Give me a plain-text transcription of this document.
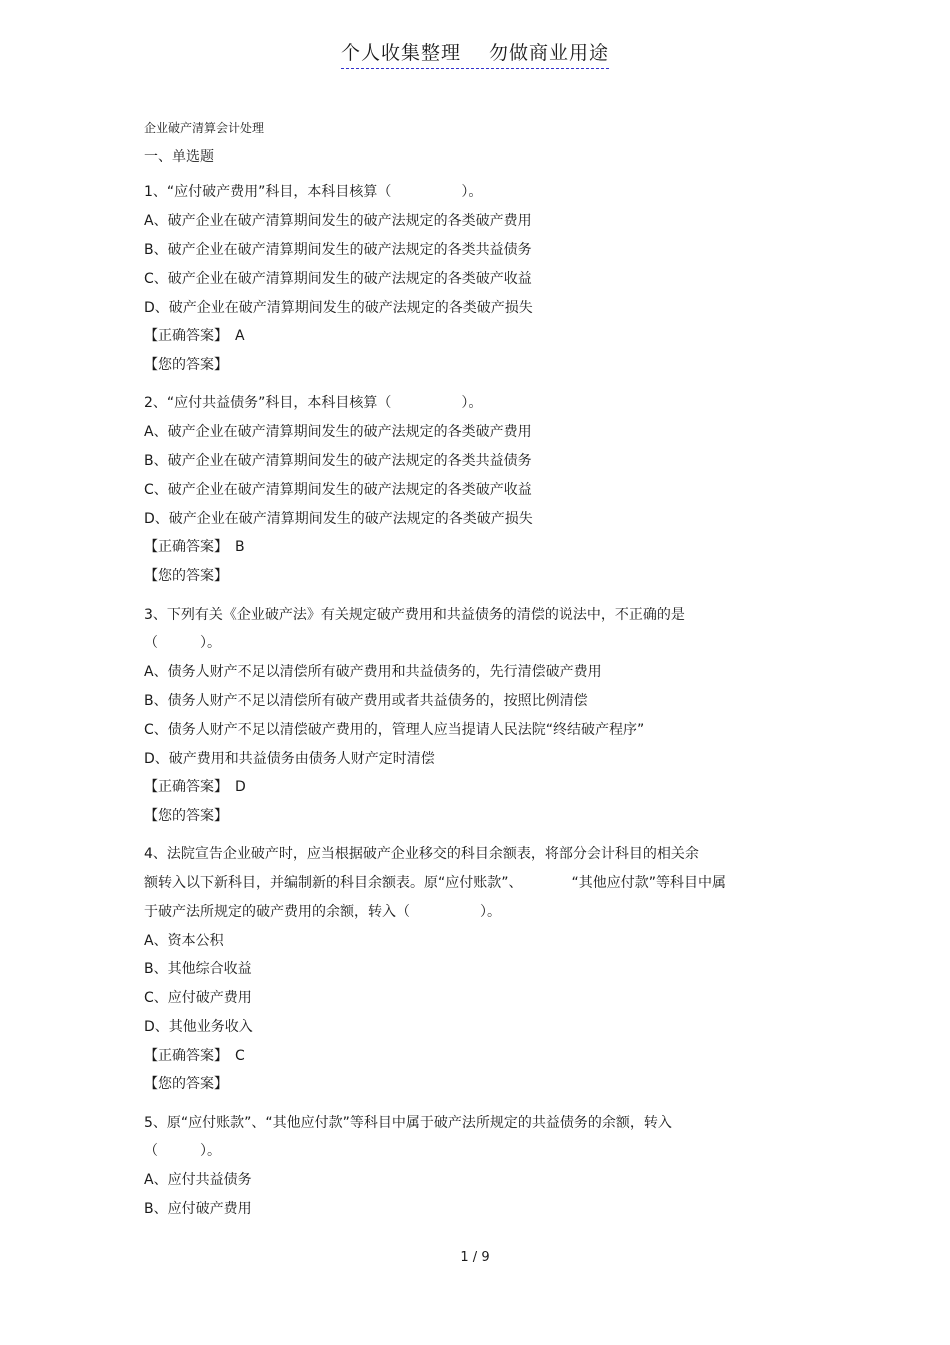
个人收集整理 勿做商业用途
企业破产清算会计处理
一、单选题
1、“应付破产费用”科目，本科目核算（　　　　　）。
A、破产企业在破产清算期间发生的破产法规定的各类破产费用
B、破产企业在破产清算期间发生的破产法规定的各类共益债务
C、破产企业在破产清算期间发生的破产法规定的各类破产收益
D、破产企业在破产清算期间发生的破产法规定的各类破产损失
【正确答案】　A
【您的答案】
2、“应付共益债务”科目，本科目核算（　　　　　）。
A、破产企业在破产清算期间发生的破产法规定的各类破产费用
B、破产企业在破产清算期间发生的破产法规定的各类共益债务
C、破产企业在破产清算期间发生的破产法规定的各类破产收益
D、破产企业在破产清算期间发生的破产法规定的各类破产损失
【正确答案】　B
【您的答案】
3、下列有关《企业破产法》有关规定破产费用和共益债务的清偿的说法中，不正确的是
（　　　）。
A、债务人财产不足以清偿所有破产费用和共益债务的，先行清偿破产费用
B、债务人财产不足以清偿所有破产费用或者共益债务的，按照比例清偿
C、债务人财产不足以清偿破产费用的，管理人应当提请人民法院“终结破产程序”
D、破产费用和共益债务由债务人财产定时清偿
【正确答案】　D
【您的答案】
4、法院宣告企业破产时，应当根据破产企业移交的科目余额表，将部分会计科目的相关余
额转入以下新科目，并编制新的科目余额表。原“应付账款”、　　　　“其他应付款”等科目中属
于破产法所规定的破产费用的余额，转入（　　　　　）。
A、资本公积
B、其他综合收益
C、应付破产费用
D、其他业务收入
【正确答案】　C
【您的答案】
5、原“应付账款”、“其他应付款”等科目中属于破产法所规定的共益债务的余额，转入
（　　　）。
A、应付共益债务
B、应付破产费用
1 / 9
